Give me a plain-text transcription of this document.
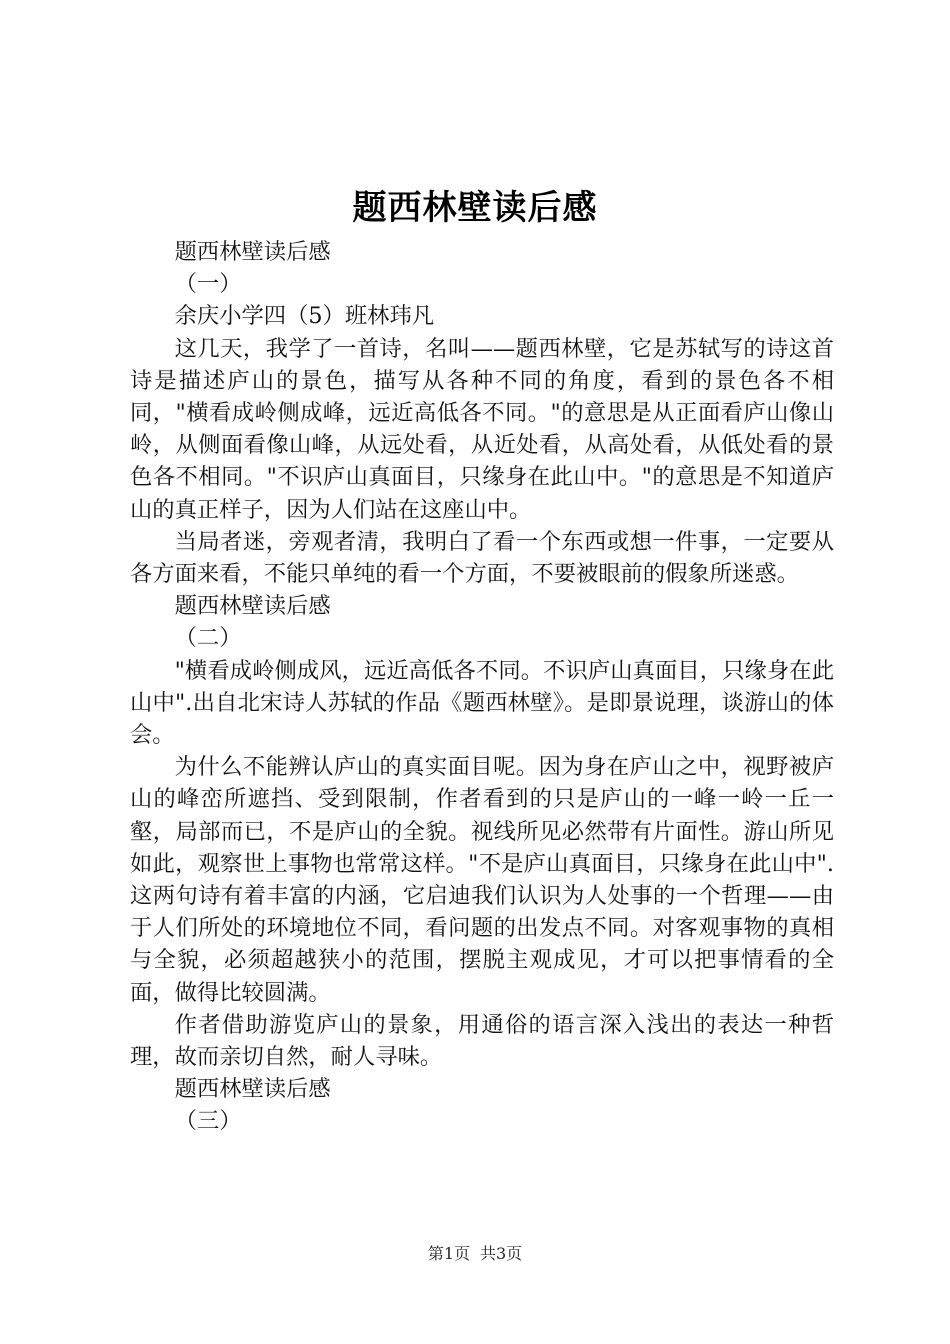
题西林壁读后感

题西林壁读后感

（一）

余庆小学四（5）班林玮凡

这几天，我学了一首诗，名叫——题西林壁，它是苏轼写的诗这首诗是描述庐山的景色，描写从各种不同的角度，看到的景色各不相同，"横看成岭侧成峰，远近高低各不同。"的意思是从正面看庐山像山岭，从侧面看像山峰，从远处看，从近处看，从高处看，从低处看的景色各不相同。"不识庐山真面目，只缘身在此山中。"的意思是不知道庐山的真正样子，因为人们站在这座山中。

当局者迷，旁观者清，我明白了看一个东西或想一件事，一定要从各方面来看，不能只单纯的看一个方面，不要被眼前的假象所迷惑。

题西林壁读后感

（二）

"横看成岭侧成风，远近高低各不同。不识庐山真面目，只缘身在此山中".出自北宋诗人苏轼的作品《题西林壁》。是即景说理，谈游山的体会。

为什么不能辨认庐山的真实面目呢。因为身在庐山之中，视野被庐山的峰峦所遮挡、受到限制，作者看到的只是庐山的一峰一岭一丘一壑，局部而已，不是庐山的全貌。视线所见必然带有片面性。游山所见如此，观察世上事物也常常这样。"不是庐山真面目，只缘身在此山中".这两句诗有着丰富的内涵，它启迪我们认识为人处事的一个哲理——由于人们所处的环境地位不同，看问题的出发点不同。对客观事物的真相与全貌，必须超越狭小的范围，摆脱主观成见，才可以把事情看的全面，做得比较圆满。

作者借助游览庐山的景象，用通俗的语言深入浅出的表达一种哲理，故而亲切自然，耐人寻味。

题西林壁读后感

（三）

第1页 共3页
